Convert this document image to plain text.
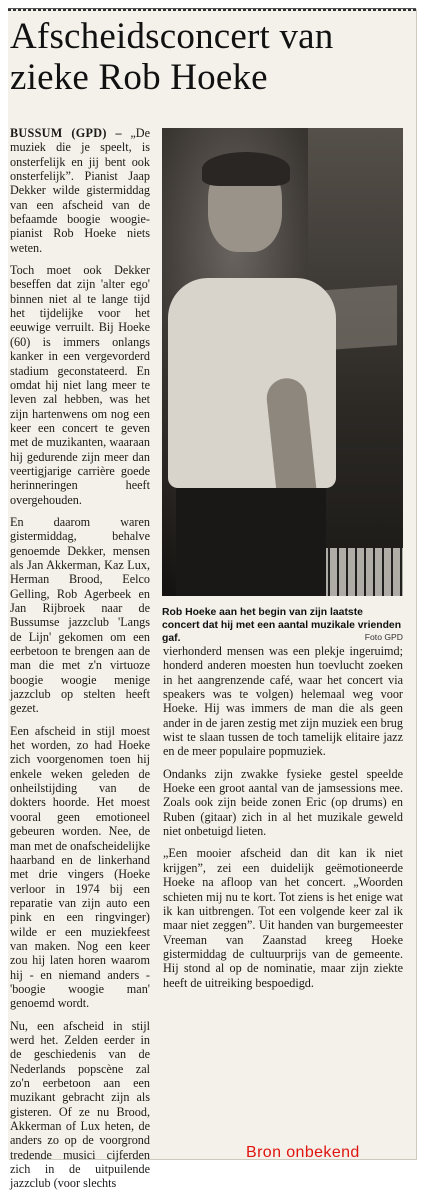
Afscheidsconcert van zieke Rob Hoeke

BUSSUM (GPD) – „De muziek die je speelt, is onsterfelijk en jij bent ook onsterfelijk”. Pianist Jaap Dekker wilde gistermiddag van een afscheid van de befaamde boogie woogie-pianist Rob Hoeke niets weten.

Toch moet ook Dekker beseffen dat zijn 'alter ego' binnen niet al te lange tijd het tijdelijke voor het eeuwige verruilt. Bij Hoeke (60) is immers onlangs kanker in een vergevorderd stadium geconstateerd. En omdat hij niet lang meer te leven zal hebben, was het zijn hartenwens om nog een keer een concert te geven met de muzikanten, waaraan hij gedurende zijn meer dan veertigjarige carrière goede herinneringen heeft overgehouden.

En daarom waren gistermiddag, behalve genoemde Dekker, mensen als Jan Akkerman, Kaz Lux, Herman Brood, Eelco Gelling, Rob Agerbeek en Jan Rijbroek naar de Bussumse jazzclub 'Langs de Lijn' gekomen om een eerbetoon te brengen aan de man die met z'n virtuoze boogie woogie menige jazzclub op stelten heeft gezet.

Een afscheid in stijl moest het worden, zo had Hoeke zich voorgenomen toen hij enkele weken geleden de onheilstijding van de dokters hoorde. Het moest vooral geen emotioneel gebeuren worden. Nee, de man met de onafscheidelijke haarband en de linkerhand met drie vingers (Hoeke verloor in 1974 bij een reparatie van zijn auto een pink en een ringvinger) wilde er een muziekfeest van maken. Nog een keer zou hij laten horen waarom hij - en niemand anders - 'boogie woogie man' genoemd wordt.

Nu, een afscheid in stijl werd het. Zelden eerder in de geschiedenis van de Nederlands popscène zal zo'n eerbetoon aan een muzikant gebracht zijn als gisteren. Of ze nu Brood, Akkerman of Lux heten, de anders zo op de voorgrond tredende musici cijferden zich in de uitpuilende jazzclub (voor slechts

Rob Hoeke aan het begin van zijn laatste concert dat hij met een aantal muzikale vrienden gaf.	Foto GPD

vierhonderd mensen was een plekje ingeruimd; honderd anderen moesten hun toevlucht zoeken in het aangrenzende café, waar het concert via speakers was te volgen) helemaal weg voor Hoeke. Hij was immers de man die als geen ander in de jaren zestig met zijn muziek een brug wist te slaan tussen de toch tamelijk elitaire jazz en de meer populaire popmuziek.

Ondanks zijn zwakke fysieke gestel speelde Hoeke een groot aantal van de jamsessions mee. Zoals ook zijn beide zonen Eric (op drums) en Ruben (gitaar) zich in al het muzikale geweld niet onbetuigd lieten.

„Een mooier afscheid dan dit kan ik niet krijgen”, zei een duidelijk geëmotioneerde Hoeke na afloop van het concert. „Woorden schieten mij nu te kort. Tot ziens is het enige wat ik kan uitbrengen. Tot een volgende keer zal ik maar niet zeggen”. Uit handen van burgemeester Vreeman van Zaanstad kreeg Hoeke gistermiddag de cultuurprijs van de gemeente. Hij stond al op de nominatie, maar zijn ziekte heeft de uitreiking bespoedigd.

Bron onbekend
